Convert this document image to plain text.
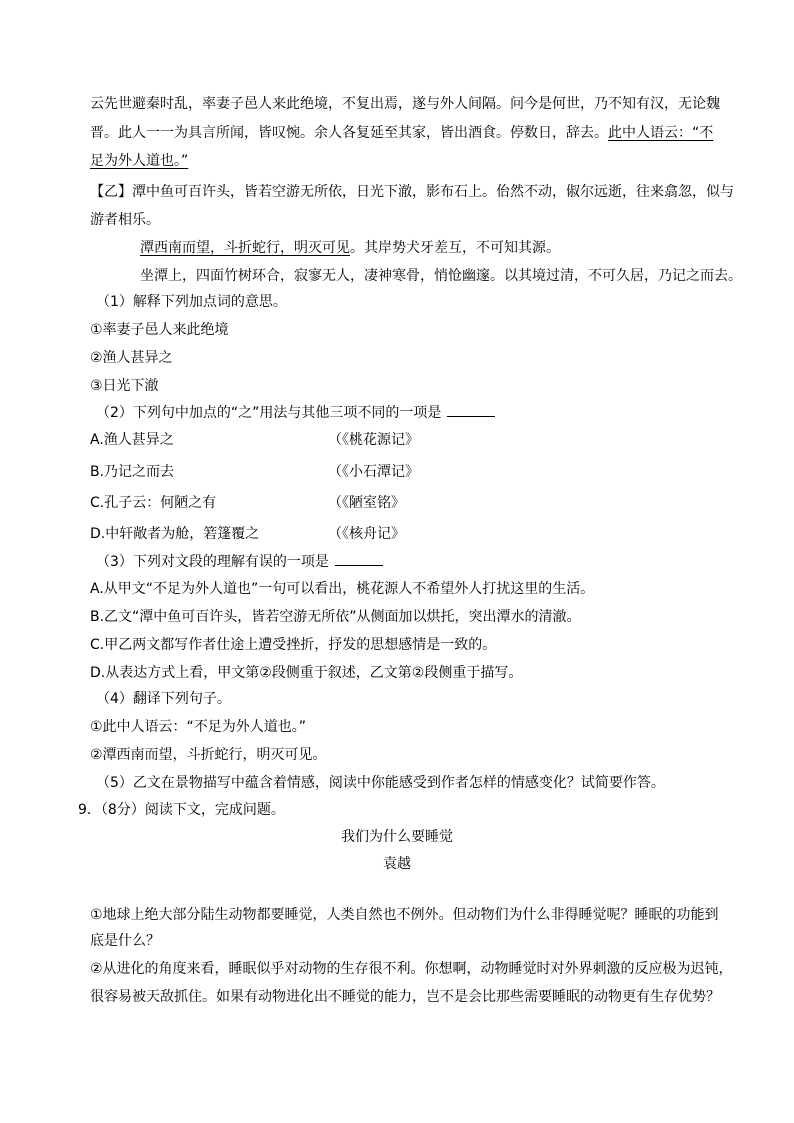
云先世避秦时乱，率妻子邑人来此绝境，不复出焉，遂与外人间隔。问今是何世，乃不知有汉，无论魏
晋。此人一一为具言所闻，皆叹惋。余人各复延至其家，皆出酒食。停数日，辞去。此中人语云：“不
足为外人道也。”
【乙】潭中鱼可百许头，皆若空游无所依，日光下澈，影布石上。佁然不动，俶尔远逝，往来翕忽，似与
游者相乐。
潭西南而望，斗折蛇行，明灭可见。其岸势犬牙差互，不可知其源。
坐潭上，四面竹树环合，寂寥无人，凄神寒骨，悄怆幽邃。以其境过清，不可久居，乃记之而去。
（1）解释下列加点词的意思。
①率妻子邑人来此绝境
②渔人甚异之
③日光下澈
（2）下列句中加点的“之”用法与其他三项不同的一项是
A.渔人甚异之	（《桃花源记》
B.乃记之而去	（《小石潭记》
C.孔子云：何陋之有	（《陋室铭》
D.中轩敞者为舱，箬篷覆之	（《核舟记》
（3）下列对文段的理解有误的一项是
A.从甲文“不足为外人道也”一句可以看出，桃花源人不希望外人打扰这里的生活。
B.乙文“潭中鱼可百许头，皆若空游无所依”从侧面加以烘托，突出潭水的清澈。
C.甲乙两文都写作者仕途上遭受挫折，抒发的思想感情是一致的。
D.从表达方式上看，甲文第②段侧重于叙述，乙文第②段侧重于描写。
（4）翻译下列句子。
①此中人语云：“不足为外人道也。”
②潭西南而望，斗折蛇行，明灭可见。
（5）乙文在景物描写中蕴含着情感，阅读中你能感受到作者怎样的情感变化？试简要作答。
9．（8分）阅读下文，完成问题。
我们为什么要睡觉
袁越
①地球上绝大部分陆生动物都要睡觉，人类自然也不例外。但动物们为什么非得睡觉呢？睡眠的功能到
底是什么？
②从进化的角度来看，睡眠似乎对动物的生存很不利。你想啊，动物睡觉时对外界刺激的反应极为迟钝，
很容易被天敌抓住。如果有动物进化出不睡觉的能力，岂不是会比那些需要睡眠的动物更有生存优势？
